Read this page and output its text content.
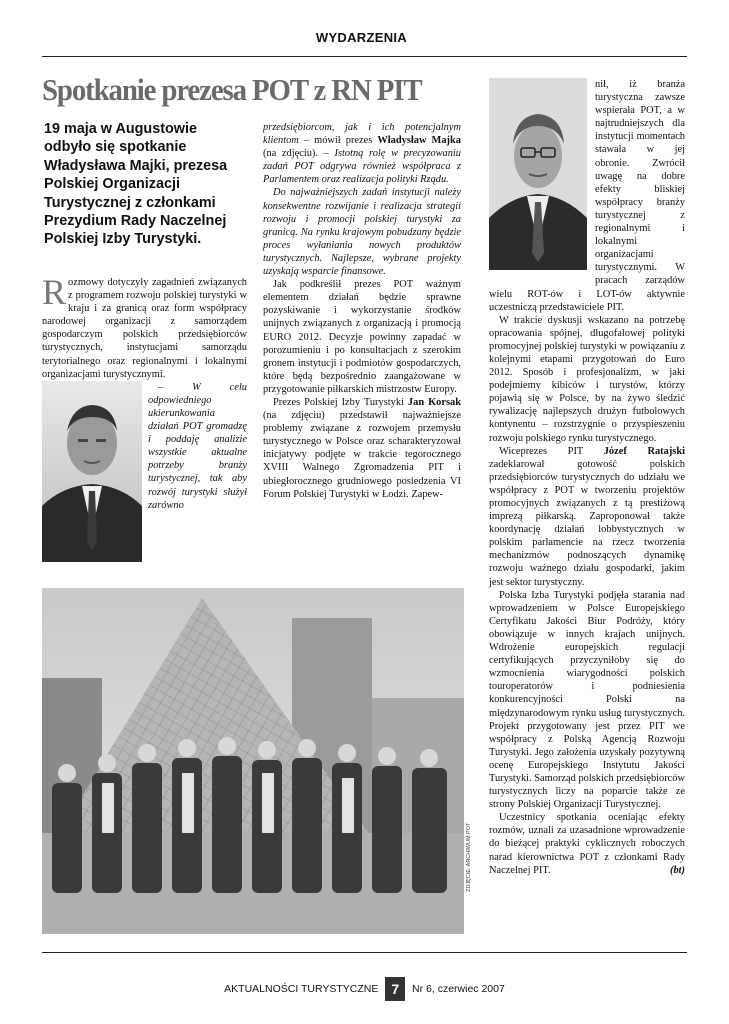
WYDARZENIA
Spotkanie prezesa POT z RN PIT
19 maja w Augustowie odbyło się spotkanie Władysława Majki, prezesa Polskiej Organizacji Turystycznej z członkami Prezydium Rady Naczelnej Polskiej Izby Turystyki.

Rozmowy dotyczyły zagadnień związanych z programem rozwoju polskiej turystyki w kraju i za granicą oraz form współpracy narodowej organizacji z samorządem gospodarczym polskich przedsiębiorców turystycznych, instytucjami samorządu terytorialnego oraz regionalnymi i lokalnymi organizacjami turystycznymi.

– W celu odpowiedniego ukierunkowania działań POT gromadzę i poddaję analizie wszystkie aktualne potrzeby branży turystycznej, tak aby rozwój turystyki służył zarówno

przedsiębiorcom, jak i ich potencjalnym klientom – mówił prezes Władysław Majka (na zdjęciu). – Istotną rolę w precyzowaniu zadań POT odgrywa również współpraca z Parlamentem oraz realizacja polityki Rządu.

Do najważniejszych zadań instytucji należy konsekwentne rozwijanie i realizacja strategii rozwoju i promocji polskiej turystyki za granicą. Na rynku krajowym pobudzany będzie proces wyłaniania nowych produktów turystycznych. Najlepsze, wybrane projekty uzyskają wsparcie finansowe.

Jak podkreślił prezes POT ważnym elementem działań będzie sprawne pozyskiwanie i wykorzystanie środków unijnych związanych z organizacją i promocją EURO 2012. Decyzje powinny zapadać w porozumieniu i po konsultacjach z szerokim gronem instytucji i podmiotów gospodarczych, które będą bezpośrednio zaangażowane w przygotowanie piłkarskich mistrzostw Europy.

Prezes Polskiej Izby Turystyki Jan Korsak (na zdjęciu) przedstawił najważniejsze problemy związane z rozwojem przemysłu turystycznego w Polsce oraz scharakteryzował inicjatywy podjęte w trakcie tegorocznego XVIII Walnego Zgromadzenia PIT i ubiegłorocznego grudniowego posiedzenia VI Forum Polskiej Turystyki w Łodzi. Zapew-

nił, iż branża turystyczna zawsze wspierała POT, a w najtrudniejszych dla instytucji momentach stawała w jej obronie. Zwrócił uwagę na dobre efekty bliskiej współpracy branży turystycznej z regionalnymi i lokalnymi organizacjami turystycznymi. W pracach zarządów wielu ROT-ów i LOT-ów aktywnie uczestniczą przedstawiciele PIT.

W trakcie dyskusji wskazano na potrzebę opracowania spójnej, długofalowej polityki promocyjnej polskiej turystyki w powiązaniu z kolejnymi etapami przygotowań do Euro 2012. Sposób i profesjonalizm, w jaki podejmiemy kibiców i turystów, którzy pojawią się w Polsce, by na żywo śledzić rywalizację najlepszych drużyn futbolowych kontynentu – rozstrzygnie o przyspieszeniu rozwoju polskiego rynku turystycznego.

Wiceprezes PIT Józef Ratajski zadeklarował gotowość polskich przedsiębiorców turystycznych do udziału we współpracy z POT w tworzeniu projektów promocyjnych związanych z tą prestiżową imprezą piłkarską. Zaproponował także koordynację działań lobbystycznych w polskim parlamencie na rzecz tworzenia mechanizmów podnoszących dynamikę rozwoju ważnego działu gospodarki, jakim jest sektor turystyczny.

Polska Izba Turystyki podjęła starania nad wprowadzeniem w Polsce Europejskiego Certyfikatu Jakości Biur Podróży, który obowiązuje w innych krajach unijnych. Wdrożenie europejskich regulacji certyfikujących przyczyniłoby się do wzmocnienia wiarygodności polskich touroperatorów i podniesienia konkurencyjności Polski na międzynarodowym rynku usług turystycznych. Projekt przygotowany jest przez PIT we współpracy z Polską Agencją Rozwoju Turystyki. Jego założenia uzyskały pozytywną ocenę Europejskiego Instytutu Jakości Turystyki. Samorząd polskich przedsiębiorców turystycznych liczy na poparcie także ze strony Polskiej Organizacji Turystycznej.

Uczestnicy spotkania oceniając efekty rozmów, uznali za uzasadnione wprowadzenie do bieżącej praktyki cyklicznych roboczych narad kierownictwa POT z członkami Rady Naczelnej PIT.	(bt)

ZDJĘCIE: ARCHIWUM POT
AKTUALNOŚCI TURYSTYCZNE 7 Nr 6, czerwiec 2007
